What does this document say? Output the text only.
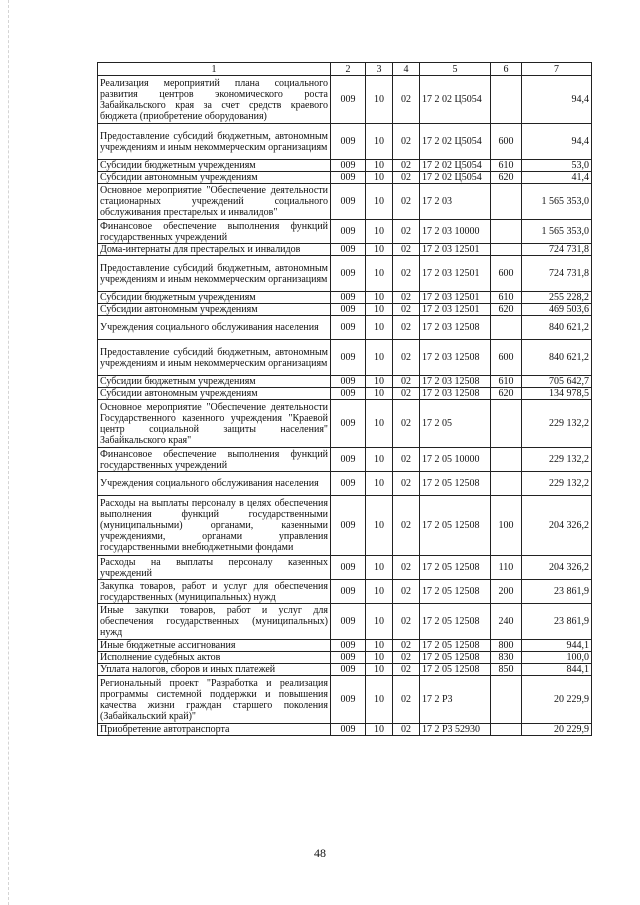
1	2	3	4	5	6	7
Реализация мероприятий плана социального развития центров экономического роста Забайкальского края за счет средств краевого бюджета (приобретение оборудования)	009	10	02	17 2 02 Ц5054		94,4
Предоставление субсидий бюджетным, автономным учреждениям и иным некоммерческим организациям	009	10	02	17 2 02 Ц5054	600	94,4
Субсидии бюджетным учреждениям	009	10	02	17 2 02 Ц5054	610	53,0
Субсидии автономным учреждениям	009	10	02	17 2 02 Ц5054	620	41,4
Основное мероприятие "Обеспечение деятельности стационарных учреждений социального обслуживания престарелых и инвалидов"	009	10	02	17 2 03		1 565 353,0
Финансовое обеспечение выполнения функций государственных учреждений	009	10	02	17 2 03 10000		1 565 353,0
Дома-интернаты для престарелых и инвалидов	009	10	02	17 2 03 12501		724 731,8
Предоставление субсидий бюджетным, автономным учреждениям и иным некоммерческим организациям	009	10	02	17 2 03 12501	600	724 731,8
Субсидии бюджетным учреждениям	009	10	02	17 2 03 12501	610	255 228,2
Субсидии автономным учреждениям	009	10	02	17 2 03 12501	620	469 503,6
Учреждения социального обслуживания населения	009	10	02	17 2 03 12508		840 621,2
Предоставление субсидий бюджетным, автономным учреждениям и иным некоммерческим организациям	009	10	02	17 2 03 12508	600	840 621,2
Субсидии бюджетным учреждениям	009	10	02	17 2 03 12508	610	705 642,7
Субсидии автономным учреждениям	009	10	02	17 2 03 12508	620	134 978,5
Основное мероприятие "Обеспечение деятельности Государственного казенного учреждения "Краевой центр социальной защиты населения" Забайкальского края"	009	10	02	17 2 05		229 132,2
Финансовое обеспечение выполнения функций государственных учреждений	009	10	02	17 2 05 10000		229 132,2
Учреждения социального обслуживания населения	009	10	02	17 2 05 12508		229 132,2
Расходы на выплаты персоналу в целях обеспечения выполнения функций государственными (муниципальными) органами, казенными учреждениями, органами управления государственными внебюджетными фондами	009	10	02	17 2 05 12508	100	204 326,2
Расходы на выплаты персоналу казенных учреждений	009	10	02	17 2 05 12508	110	204 326,2
Закупка товаров, работ и услуг для обеспечения государственных (муниципальных) нужд	009	10	02	17 2 05 12508	200	23 861,9
Иные закупки товаров, работ и услуг для обеспечения государственных (муниципальных) нужд	009	10	02	17 2 05 12508	240	23 861,9
Иные бюджетные ассигнования	009	10	02	17 2 05 12508	800	944,1
Исполнение судебных актов	009	10	02	17 2 05 12508	830	100,0
Уплата налогов, сборов и иных платежей	009	10	02	17 2 05 12508	850	844,1
Региональный проект "Разработка и реализация программы системной поддержки и повышения качества жизни граждан старшего поколения (Забайкальский край)"	009	10	02	17 2 P3		20 229,9
Приобретение автотранспорта	009	10	02	17 2 P3 52930		20 229,9
48
